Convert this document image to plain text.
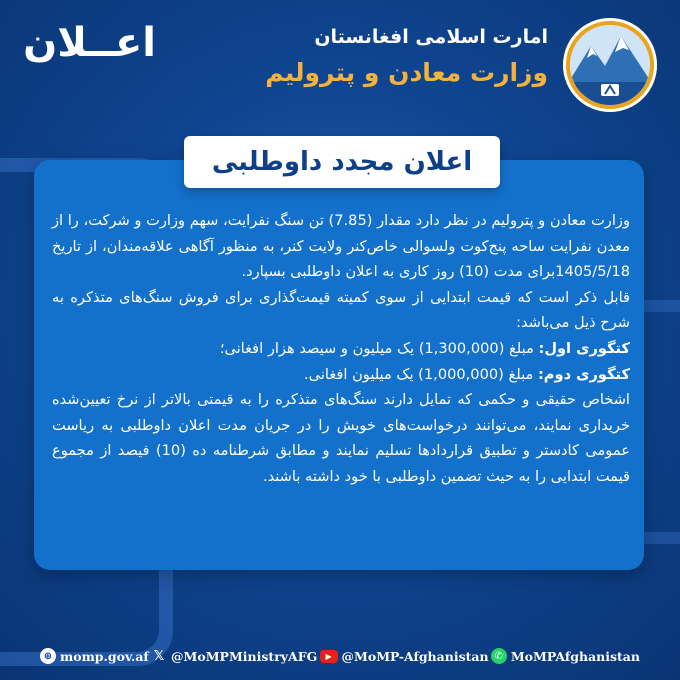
اعــلان	امارت اسلامی افغانستان
وزارت معادن و پترولیم
اعلان مجدد داوطلبی

وزارت معادن و پترولیم در نظر دارد مقدار (7.85) تن سنگ نفرایت، سهم وزارت و شرکت، را از معدن نفرایت ساحه پنج‌کوت ولسوالی خاص‌کنر ولایت کنر، به منظور آگاهی علاقه‌مندان، از تاریخ 1405/5/18برای مدت (10) روز کاری به اعلان داوطلبی بسپارد.

قابل ذکر است که قیمت ابتدایی از سوی کمیته قیمت‌گذاری برای فروش سنگ‌های متذکره به شرح ذیل می‌باشد:

کتگوری اول: مبلغ (1,300,000) یک میلیون و سیصد هزار افغانی؛

کتگوری دوم: مبلغ (1,000,000) یک میلیون افغانی.

اشخاص حقیقی و حکمی که تمایل دارند سنگ‌های متذکره را به قیمتی بالاتر از نرخ تعیین‌شده خریداری نمایند، می‌توانند درخواست‌های خویش را در جریان مدت اعلان داوطلبی به ریاست عمومی کادستر و تطبیق قراردادها تسلیم نمایند و مطابق شرطنامه ده (10) فیصد از مجموع قیمت ابتدایی را به حیث تضمین داوطلبی با خود داشته باشند.

⊕ momp.gov.af 𝕏 @MoMPMinistryAFG	▶ @MoMP-Afghanistan ✆ MoMPAfghanistan
